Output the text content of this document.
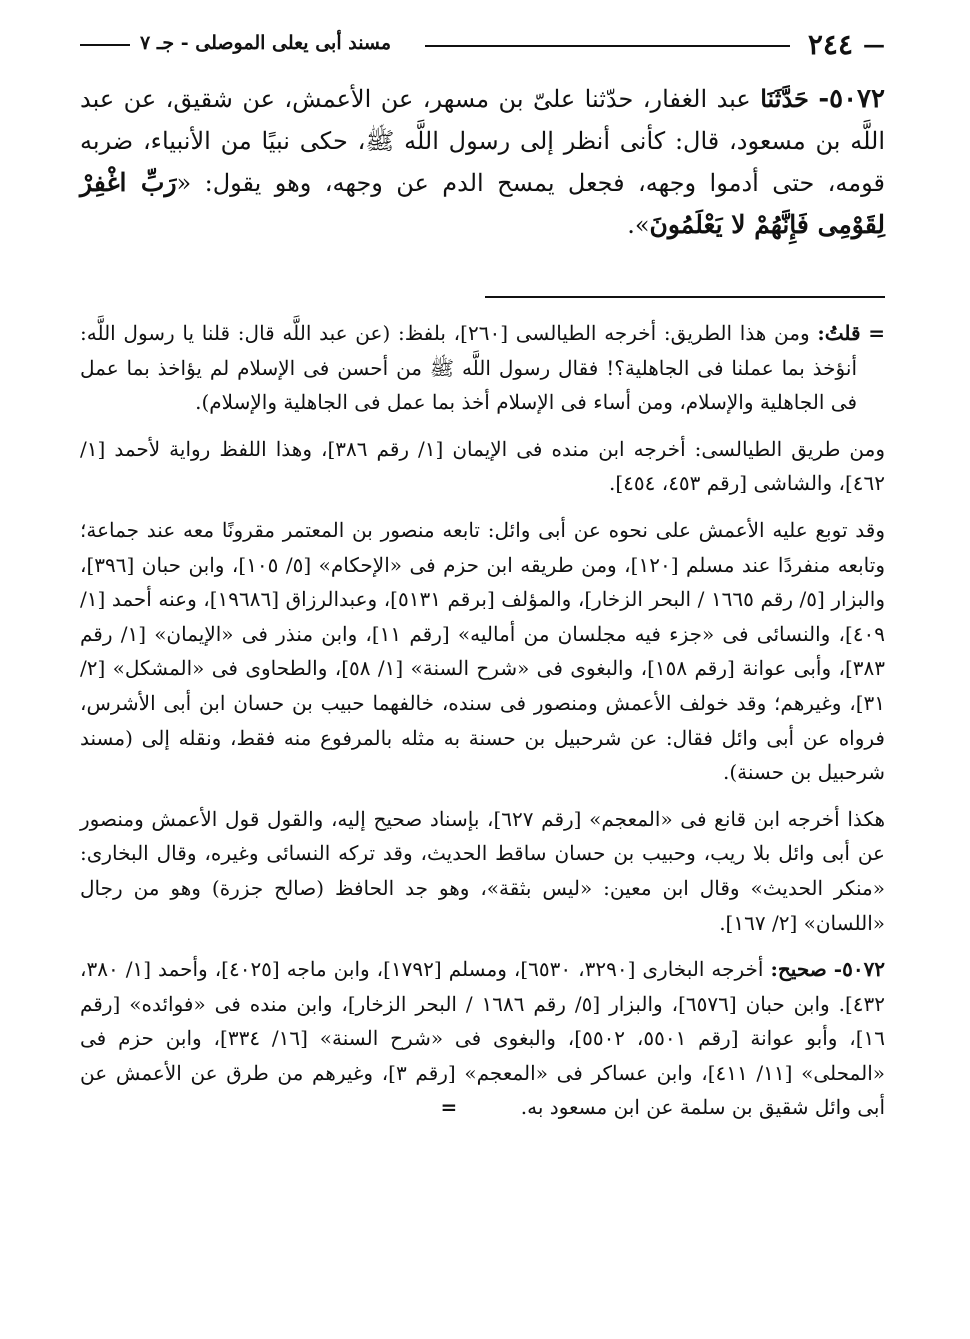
—
٢٤٤
مسند أبى يعلى الموصلى - جـ ٧
٥٠٧٢- حَدَّثَنَا عبد الغفار، حدّثنا علىّ بن مسهر، عن الأعمش، عن شقيق، عن عبد اللَّه بن مسعود، قال: كأنى أنظر إلى رسول اللَّه ﷺ، حكى نبيًا من الأنبياء، ضربه قومه، حتى أدموا وجهه، فجعل يمسح الدم عن وجهه، وهو يقول: «رَبِّ اغْفِرْ لِقَوْمِى فَإِنَّهُمْ لا يَعْلَمُونَ».

= قلتُ: ومن هذا الطريق: أخرجه الطيالسى [٢٦٠]، بلفظ: (عن عبد اللَّه قال: قلنا يا رسول اللَّه: أنؤخذ بما عملنا فى الجاهلية؟! فقال رسول اللَّه ﷺ من أحسن فى الإسلام لم يؤاخذ بما عمل فى الجاهلية والإسلام، ومن أساء فى الإسلام أخذ بما عمل فى الجاهلية والإسلام).

ومن طريق الطيالسى: أخرجه ابن منده فى الإيمان [١/ رقم ٣٨٦]، وهذا اللفظ رواية لأحمد [١/ ٤٦٢]، والشاشى [رقم ٤٥٣، ٤٥٤].

وقد توبع عليه الأعمش على نحوه عن أبى وائل: تابعه منصور بن المعتمر مقرونًا معه عند جماعة؛ وتابعه منفردًا عند مسلم [١٢٠]، ومن طريقه ابن حزم فى «الإحكام» [٥/ ١٠٥]، وابن حبان [٣٩٦]، والبزار [٥/ رقم ١٦٦٥ / البحر الزخار]، والمؤلف [برقم ٥١٣١]، وعبدالرزاق [١٩٦٨٦]، وعنه أحمد [١/ ٤٠٩]، والنسائى فى «جزء فيه مجلسان من أماليه» [رقم ١١]، وابن منذر فى «الإيمان» [١/ رقم ٣٨٣]، وأبى عوانة [رقم ١٥٨]، والبغوى فى «شرح السنة» [١/ ٥٨]، والطحاوى فى «المشكل» [٢/ ٣١]، وغيرهم؛ وقد خولف الأعمش ومنصور فى سنده، خالفهما حبيب بن حسان ابن أبى الأشرس، فرواه عن أبى وائل فقال: عن شرحبيل بن حسنة به مثله بالمرفوع منه فقط، ونقله إلى (مسند شرحبيل بن حسنة).

هكذا أخرجه ابن قانع فى «المعجم» [رقم ٦٢٧]، بإسناد صحيح إليه، والقول قول الأعمش ومنصور عن أبى وائل بلا ريب، وحبيب بن حسان ساقط الحديث، وقد تركه النسائى وغيره، وقال البخارى: «منكر الحديث» وقال ابن معين: «ليس بثقة»، وهو جد الحافظ (صالح جزرة) وهو من رجال «اللسان» [٢/ ١٦٧].

٥٠٧٢- صحيح: أخرجه البخارى [٣٢٩٠، ٦٥٣٠]، ومسلم [١٧٩٢]، وابن ماجه [٤٠٢٥]، وأحمد [١/ ٣٨٠، ٤٣٢]. وابن حبان [٦٥٧٦]، والبزار [٥/ رقم ١٦٨٦ / البحر الزخار]، وابن منده فى «فوائده» [رقم ١٦]، وأبو عوانة [رقم ٥٥٠١، ٥٥٠٢]، والبغوى فى «شرح السنة» [١٦/ ٣٣٤]، وابن حزم فى «المحلى» [١١/ ٤١١]، وابن عساكر فى «المعجم» [رقم ٣]، وغيرهم من طرق عن الأعمش عن أبى وائل شقيق بن سلمة عن ابن مسعود به.          =
